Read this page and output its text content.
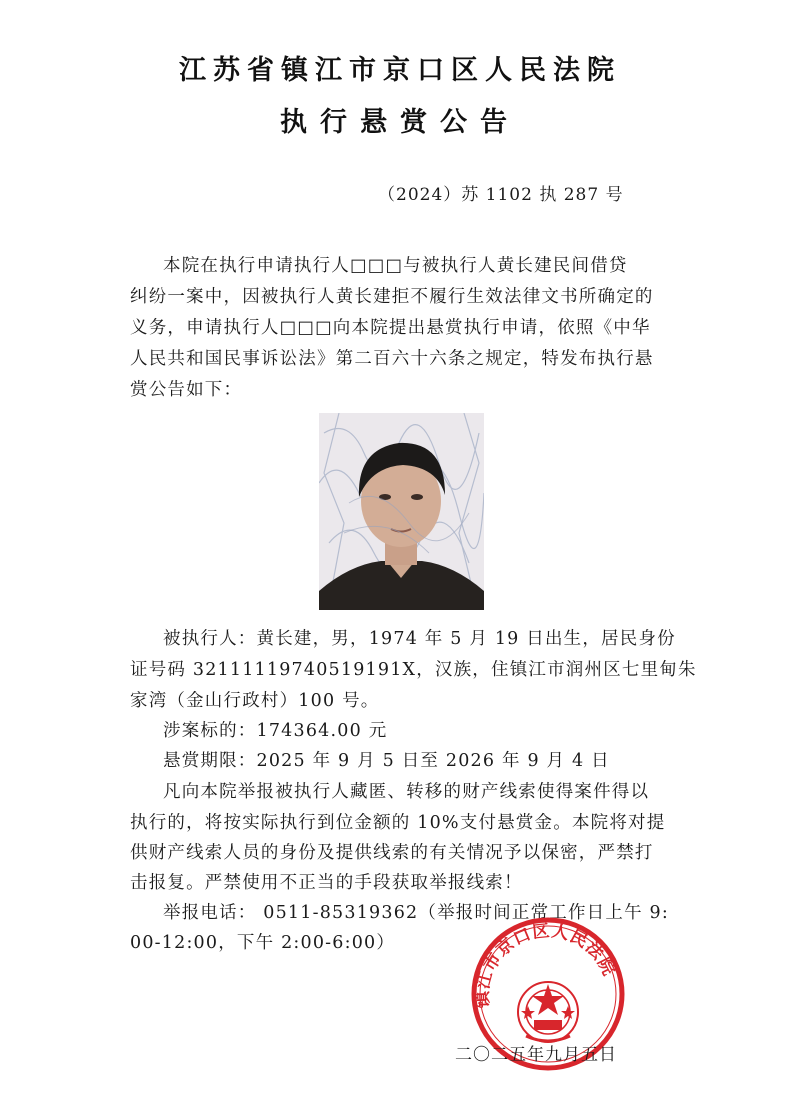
江苏省镇江市京口区人民法院
执行悬赏公告
（2024）苏 1102 执 287 号
本院在执行申请执行人□□□与被执行人黄长建民间借贷
纠纷一案中，因被执行人黄长建拒不履行生效法律文书所确定的
义务，申请执行人□□□向本院提出悬赏执行申请，依照《中华
人民共和国民事诉讼法》第二百六十六条之规定，特发布执行悬
赏公告如下：
被执行人：黄长建，男，1974 年 5 月 19 日出生，居民身份
证号码 32111119740519191X，汉族，住镇江市润州区七里甸朱
家湾（金山行政村）100 号。
涉案标的：174364.00 元
悬赏期限：2025 年 9 月 5 日至 2026 年 9 月 4 日
凡向本院举报被执行人藏匿、转移的财产线索使得案件得以
执行的，将按实际执行到位金额的 10%支付悬赏金。本院将对提
供财产线索人员的身份及提供线索的有关情况予以保密，严禁打
击报复。严禁使用不正当的手段获取举报线索！
举报电话： 0511-85319362（举报时间正常工作日上午 9:
00-12:00，下午 2:00-6:00）
镇江市京口区人民法院
二〇二五年九月五日
